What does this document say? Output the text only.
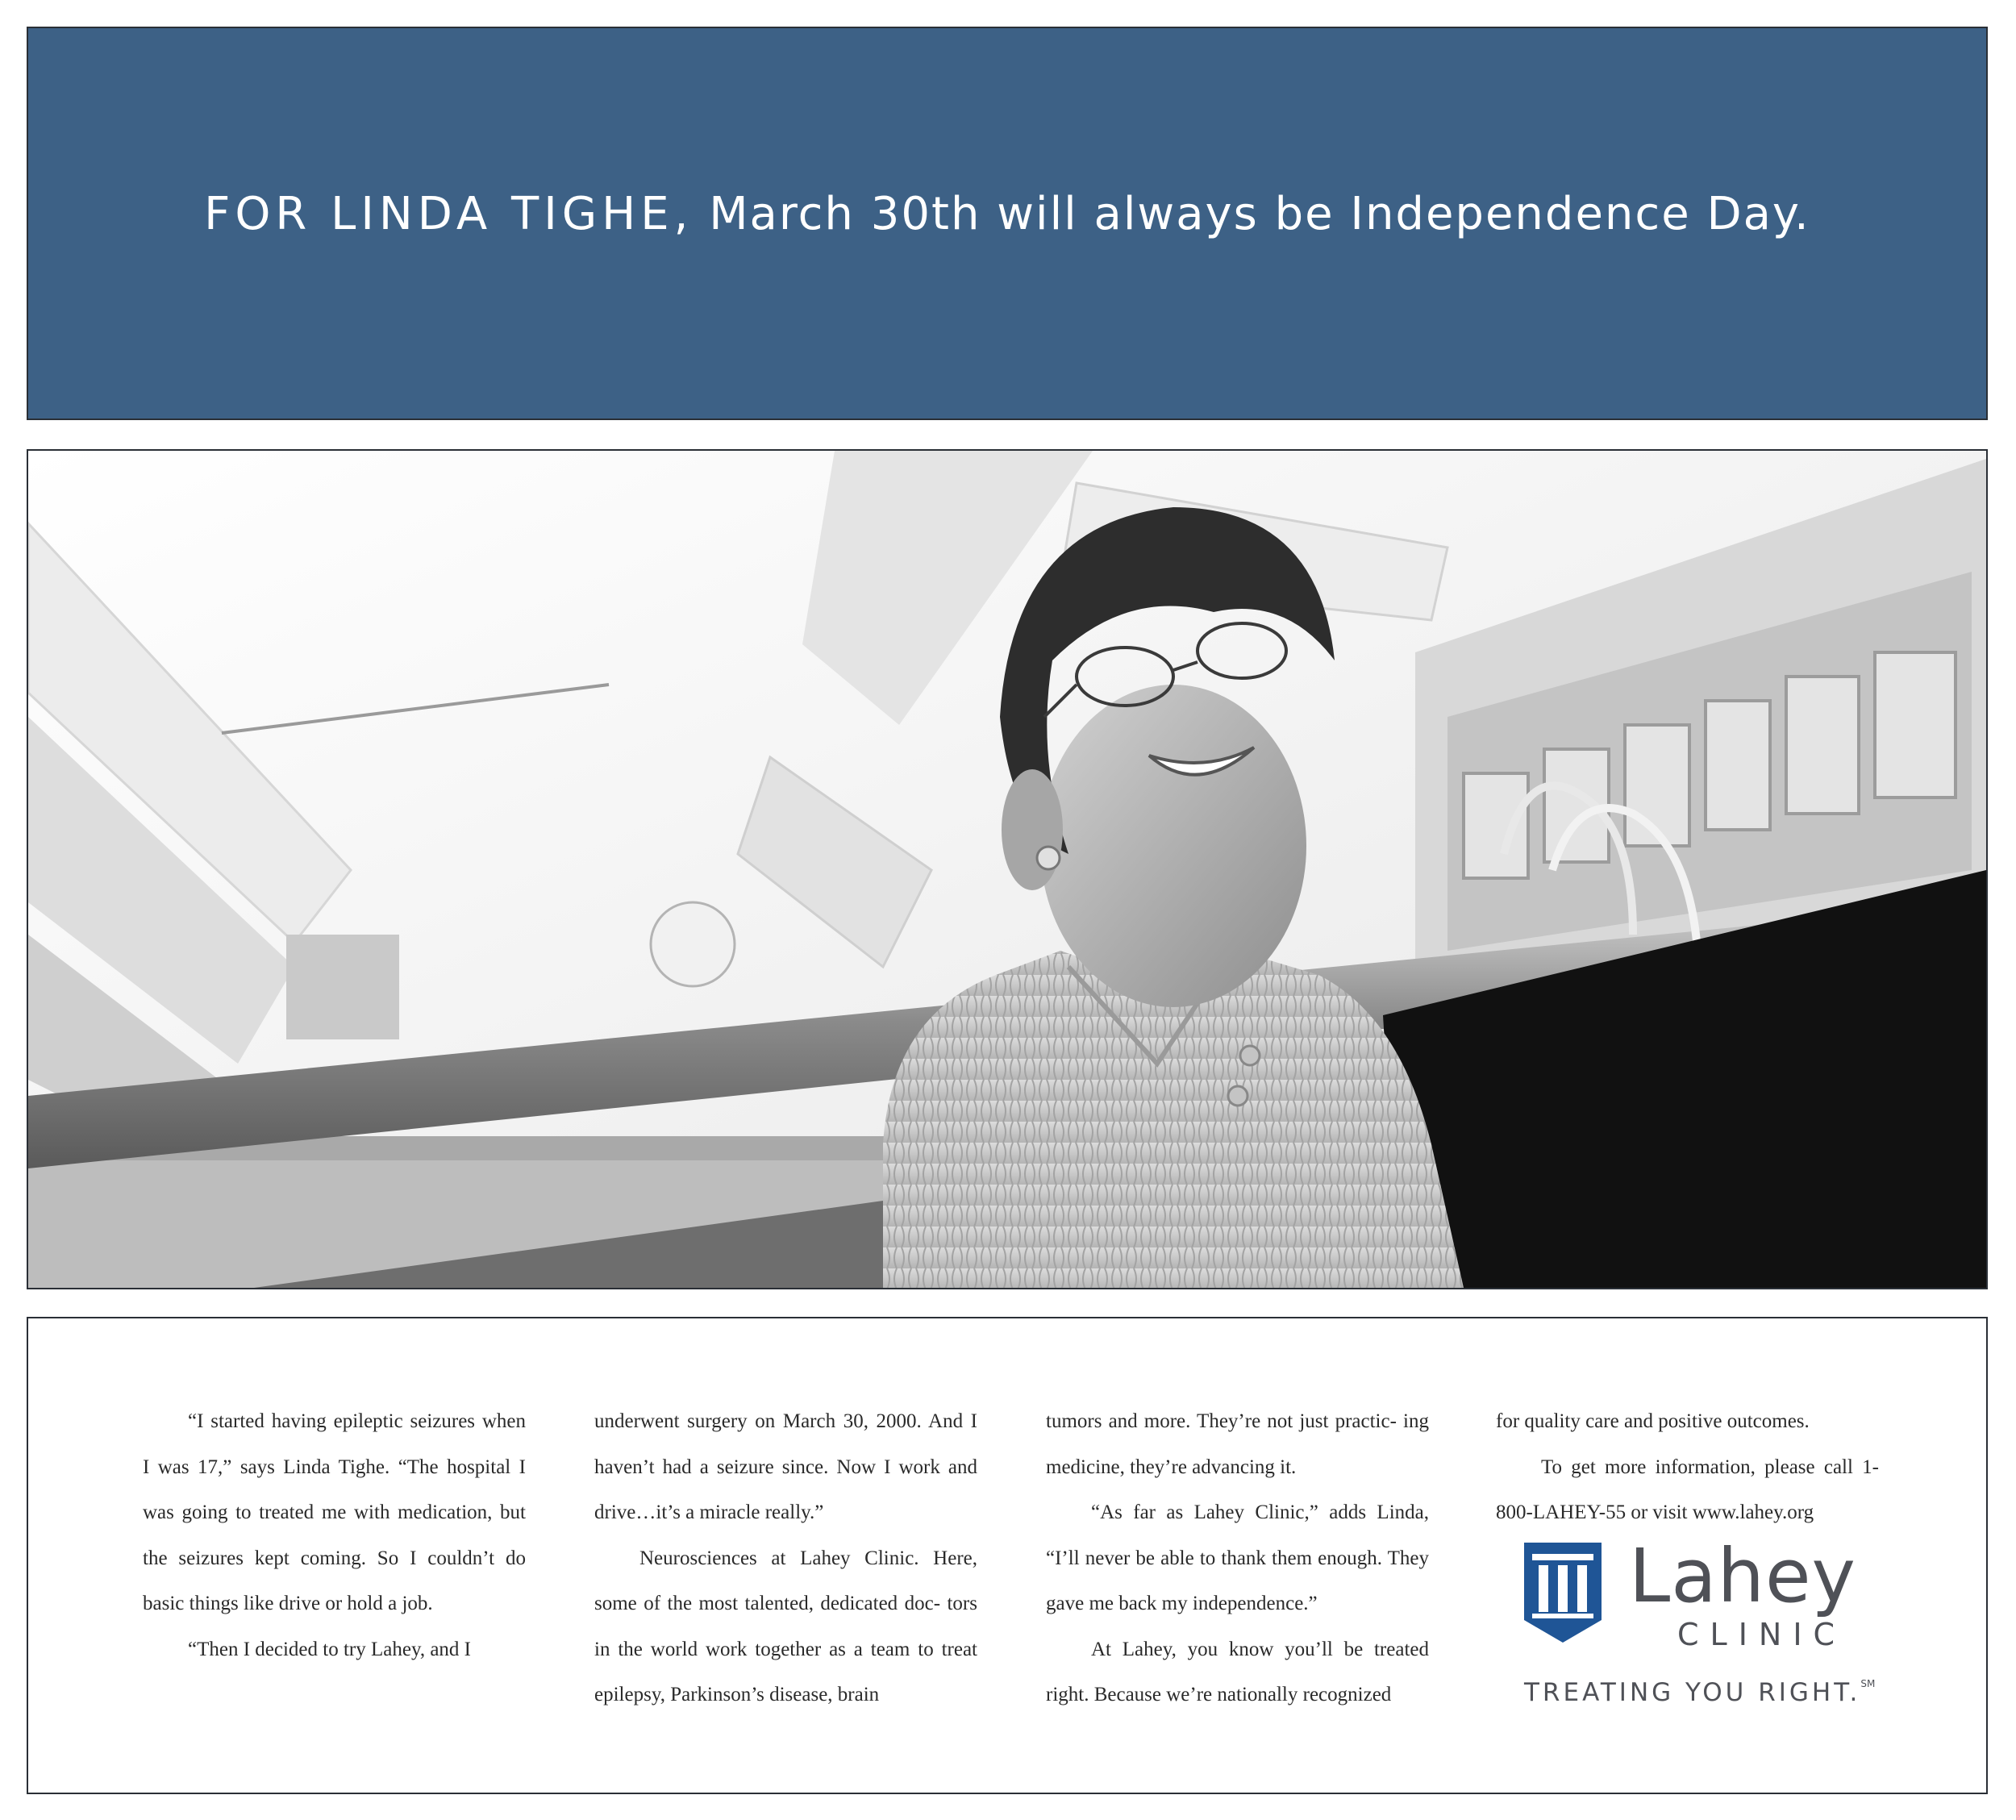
FOR LINDA TIGHE, March 30th will always be Independence Day.

“I started having epileptic seizures when I was 17,” says Linda Tighe. “The hospital I was going to treated me with medication, but the seizures kept coming. So I couldn’t do basic things like drive or hold a job.

“Then I decided to try Lahey, and I

underwent surgery on March 30, 2000. And I haven’t had a seizure since. Now I work and drive…it’s a miracle really.”

Neurosciences at Lahey Clinic. Here, some of the most talented, dedicated doc- tors in the world work together as a team to treat epilepsy, Parkinson’s disease, brain

tumors and more. They’re not just practic- ing medicine, they’re advancing it.

“As far as Lahey Clinic,” adds Linda, “I’ll never be able to thank them enough. They gave me back my independence.”

At Lahey, you know you’ll be treated right. Because we’re nationally recognized

for quality care and positive outcomes.

To get more information, please call 1-800-LAHEY-55 or visit www.lahey.org

Lahey
CLINIC
TREATING YOU RIGHT.℠
